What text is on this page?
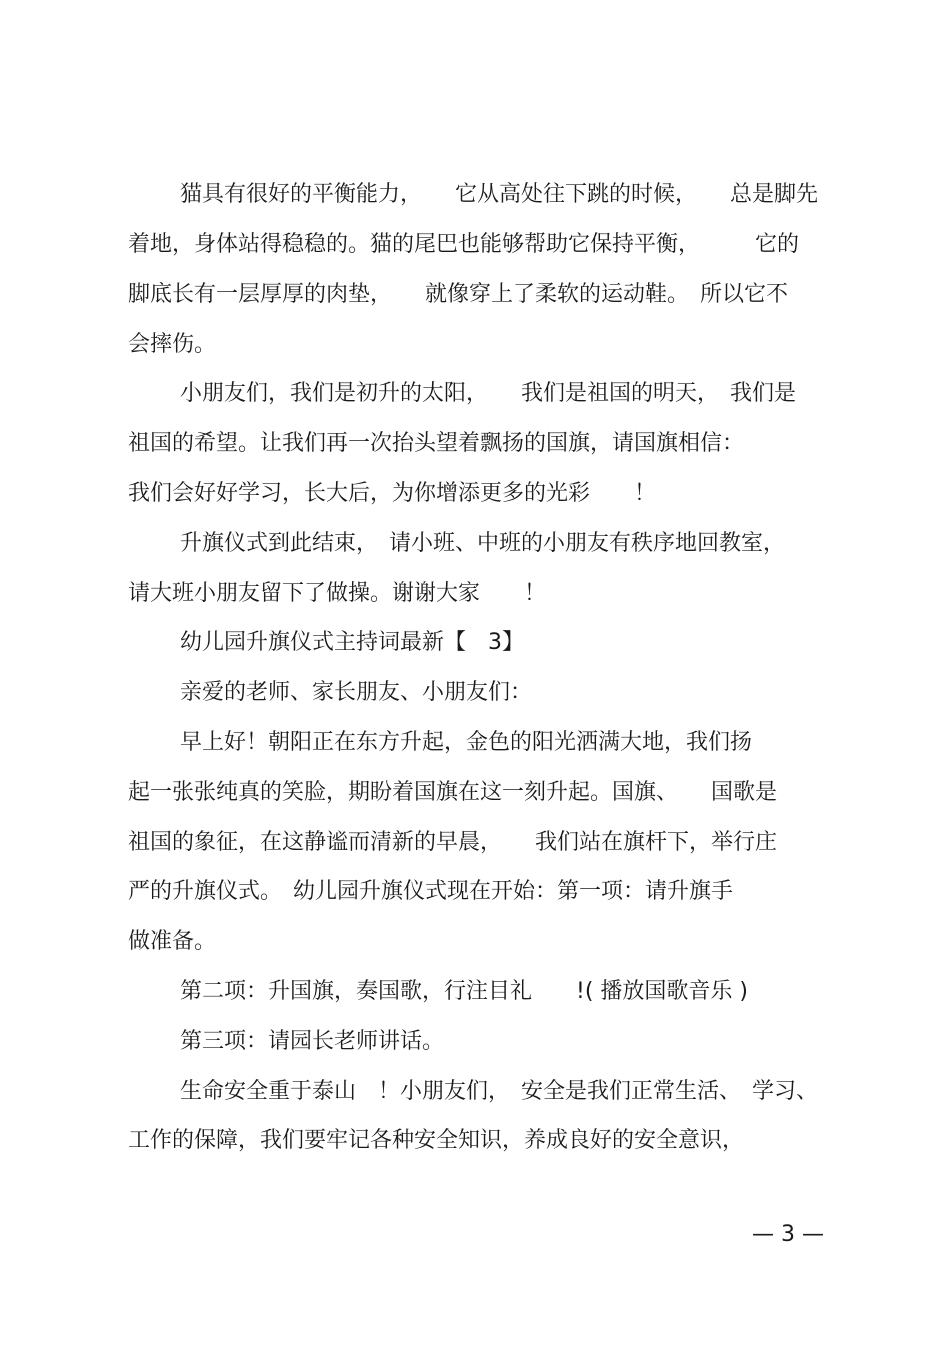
猫具有很好的平衡能力，　　它从高处往下跳的时候，　　总是脚先
着地，身体站得稳稳的。猫的尾巴也能够帮助它保持平衡，　　　它的
脚底长有一层厚厚的肉垫，　　就像穿上了柔软的运动鞋。　所以它不
会摔伤。
小朋友们，我们是初升的太阳，　　我们是祖国的明天，　我们是
祖国的希望。让我们再一次抬头望着飘扬的国旗，请国旗相信：
我们会好好学习，长大后，为你增添更多的光彩　　！
升旗仪式到此结束，　请小班、中班的小朋友有秩序地回教室，
请大班小朋友留下了做操。谢谢大家　　！
幼儿园升旗仪式主持词最新【　3】
亲爱的老师、家长朋友、小朋友们：
早上好！朝阳正在东方升起，金色的阳光洒满大地，我们扬
起一张张纯真的笑脸，期盼着国旗在这一刻升起。国旗、　　国歌是
祖国的象征，在这静谧而清新的早晨，　　我们站在旗杆下，举行庄
严的升旗仪式。　幼儿园升旗仪式现在开始：第一项：请升旗手
做准备。
第二项：升国旗，奏国歌，行注目礼　　!( 播放国歌音乐 )
第三项：请园长老师讲话。
生命安全重于泰山　！小朋友们，　安全是我们正常生活、　学习、
工作的保障，我们要牢记各种安全知识，养成良好的安全意识，
— 3 —
